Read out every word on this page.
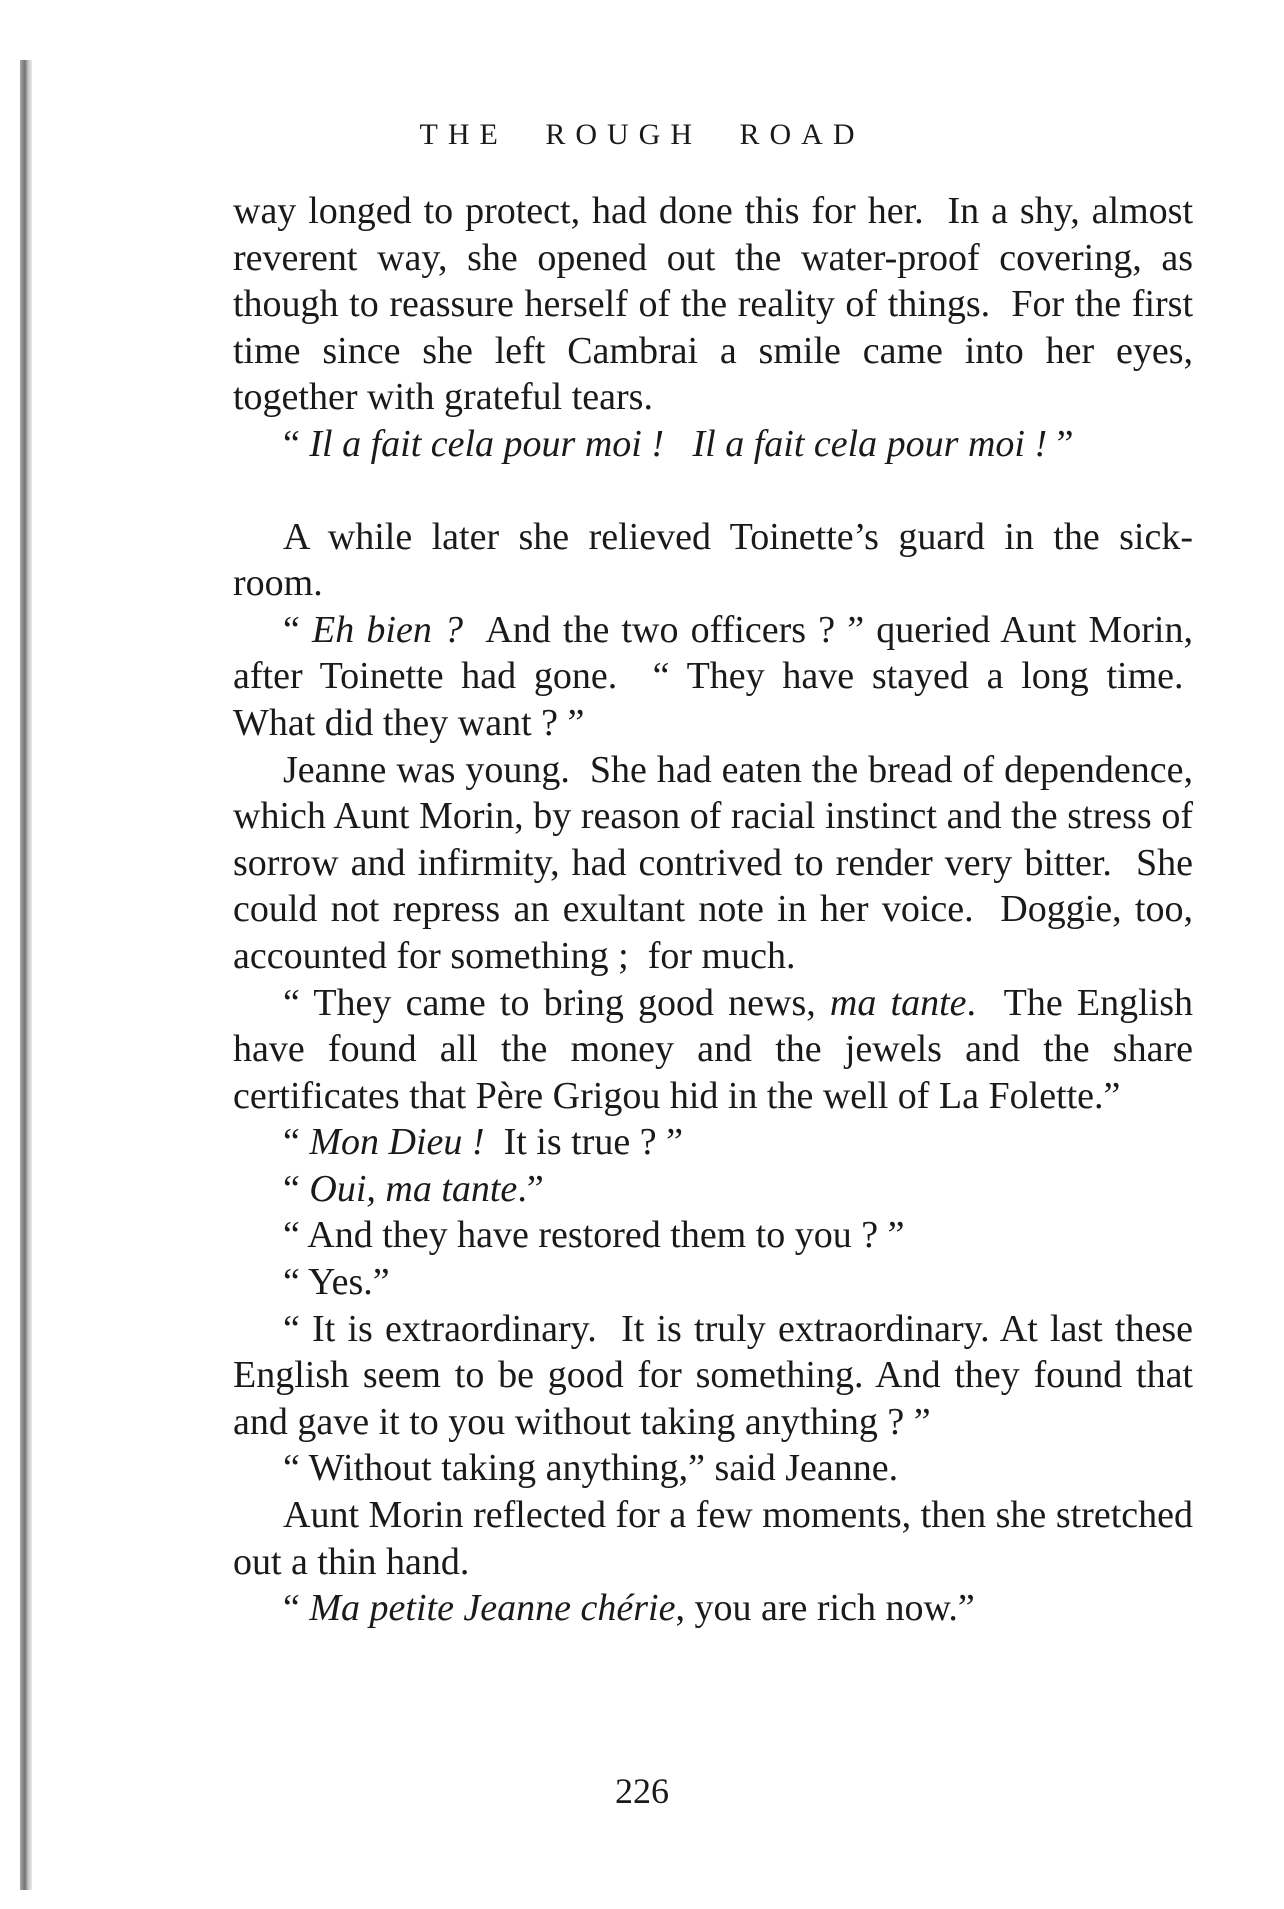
THE ROUGH ROAD

way longed to protect, had done this for her.  In a shy, almost reverent way, she opened out the water-proof covering, as though to reassure herself of the reality of things.  For the first time since she left Cambrai a smile came into her eyes, together with grateful tears.

“ Il a fait cela pour moi !   Il a fait cela pour moi ! ”

A while later she relieved Toinette’s guard in the sick-room.

“ Eh bien ?  And the two officers ? ” queried Aunt Morin, after Toinette had gone.  “ They have stayed a long time.  What did they want ? ”

Jeanne was young.  She had eaten the bread of dependence, which Aunt Morin, by reason of racial instinct and the stress of sorrow and infirmity, had contrived to render very bitter.  She could not repress an exultant note in her voice.  Doggie, too, accounted for something ;  for much.

“ They came to bring good news, ma tante.  The English have found all the money and the jewels and the share certificates that Père Grigou hid in the well of La Folette.”

“ Mon Dieu !  It is true ? ”

“ Oui, ma tante.”

“ And they have restored them to you ? ”

“ Yes.”

“ It is extraordinary.  It is truly extraordinary. At last these English seem to be good for something. And they found that and gave it to you without taking anything ? ”

“ Without taking anything,” said Jeanne.

Aunt Morin reflected for a few moments, then she stretched out a thin hand.

“ Ma petite Jeanne chérie, you are rich now.”

226
